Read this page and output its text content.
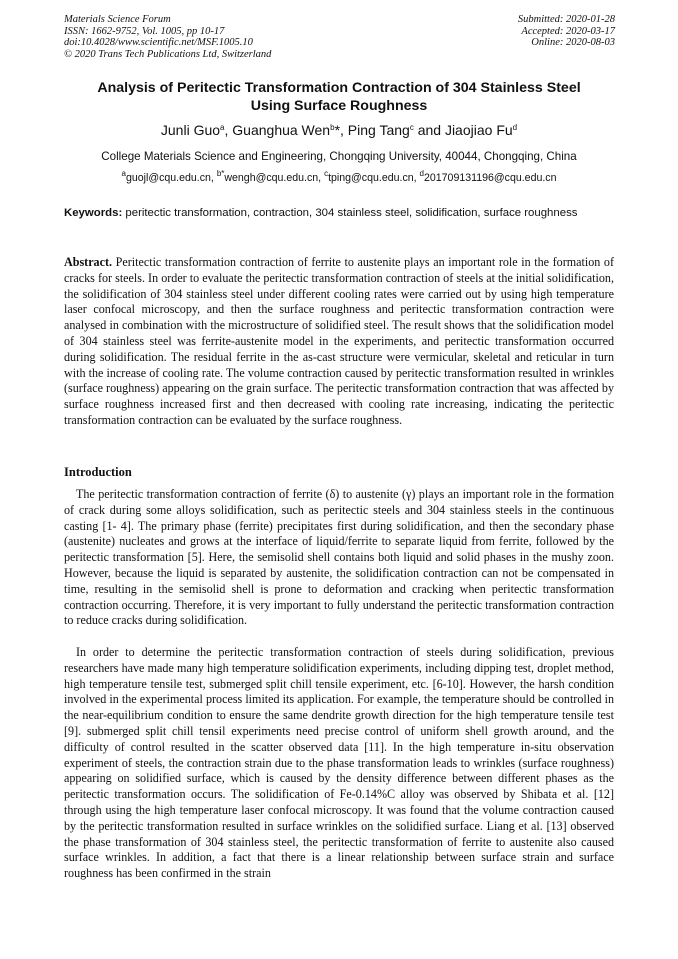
Materials Science Forum
ISSN: 1662-9752, Vol. 1005, pp 10-17
doi:10.4028/www.scientific.net/MSF.1005.10
© 2020 Trans Tech Publications Ltd, Switzerland
Submitted: 2020-01-28
Accepted: 2020-03-17
Online: 2020-08-03
Analysis of Peritectic Transformation Contraction of 304 Stainless Steel
Using Surface Roughness
Junli Guo$^a$, Guanghua Wen$^b$*, Ping Tang$^c$ and Jiaojiao Fu$^d$
College Materials Science and Engineering, Chongqing University, 40044, Chongqing, China
$^a$guojl@cqu.edu.cn, $^{b*}$wengh@cqu.edu.cn, $^c$tping@cqu.edu.cn, $^d$201709131196@cqu.edu.cn
Keywords: peritectic transformation, contraction, 304 stainless steel, solidification, surface roughness
Abstract. Peritectic transformation contraction of ferrite to austenite plays an important role in the formation of cracks for steels. In order to evaluate the peritectic transformation contraction of steels at the initial solidification, the solidification of 304 stainless steel under different cooling rates were carried out by using high temperature laser confocal microscopy, and then the surface roughness and peritectic transformation contraction were analysed in combination with the microstructure of solidified steel. The result shows that the solidification model of 304 stainless steel was ferrite-austenite model in the experiments, and peritectic transformation occurred during solidification. The residual ferrite in the as-cast structure were vermicular, skeletal and reticular in turn with the increase of cooling rate. The volume contraction caused by peritectic transformation resulted in wrinkles (surface roughness) appearing on the grain surface. The peritectic transformation contraction that was affected by surface roughness increased first and then decreased with cooling rate increasing, indicating the peritectic transformation contraction can be evaluated by the surface roughness.
Introduction
The peritectic transformation contraction of ferrite (δ) to austenite (γ) plays an important role in the formation of crack during some alloys solidification, such as peritectic steels and 304 stainless steels in the continuous casting [1- 4]. The primary phase (ferrite) precipitates first during solidification, and then the secondary phase (austenite) nucleates and grows at the interface of liquid/ferrite to separate liquid from ferrite, followed by the peritectic transformation [5]. Here, the semisolid shell contains both liquid and solid phases in the mushy zoon. However, because the liquid is separated by austenite, the solidification contraction can not be compensated in time, resulting in the semisolid shell is prone to deformation and cracking when peritectic transformation contraction occurring. Therefore, it is very important to fully understand the peritectic transformation contraction to reduce cracks during solidification.
In order to determine the peritectic transformation contraction of steels during solidification, previous researchers have made many high temperature solidification experiments, including dipping test, droplet method, high temperature tensile test, submerged split chill tensile experiment, etc. [6-10]. However, the harsh condition involved in the experimental process limited its application. For example, the temperature should be controlled in the near-equilibrium condition to ensure the same dendrite growth direction for the high temperature tensile test [9]. submerged split chill tensil experiments need precise control of uniform shell growth around, and the difficulty of control resulted in the scatter observed data [11]. In the high temperature in-situ observation experiment of steels, the contraction strain due to the phase transformation leads to wrinkles (surface roughness) appearing on solidified surface, which is caused by the density difference between different phases as the peritectic transformation occurs. The solidification of Fe-0.14%C alloy was observed by Shibata et al. [12] through using the high temperature laser confocal microscopy. It was found that the volume contraction caused by the peritectic transformation resulted in surface wrinkles on the solidified surface. Liang et al. [13] observed the phase transformation of 304 stainless steel, the peritectic transformation of ferrite to austenite also caused surface wrinkles. In addition, a fact that there is a linear relationship between surface strain and surface roughness has been confirmed in the strain
